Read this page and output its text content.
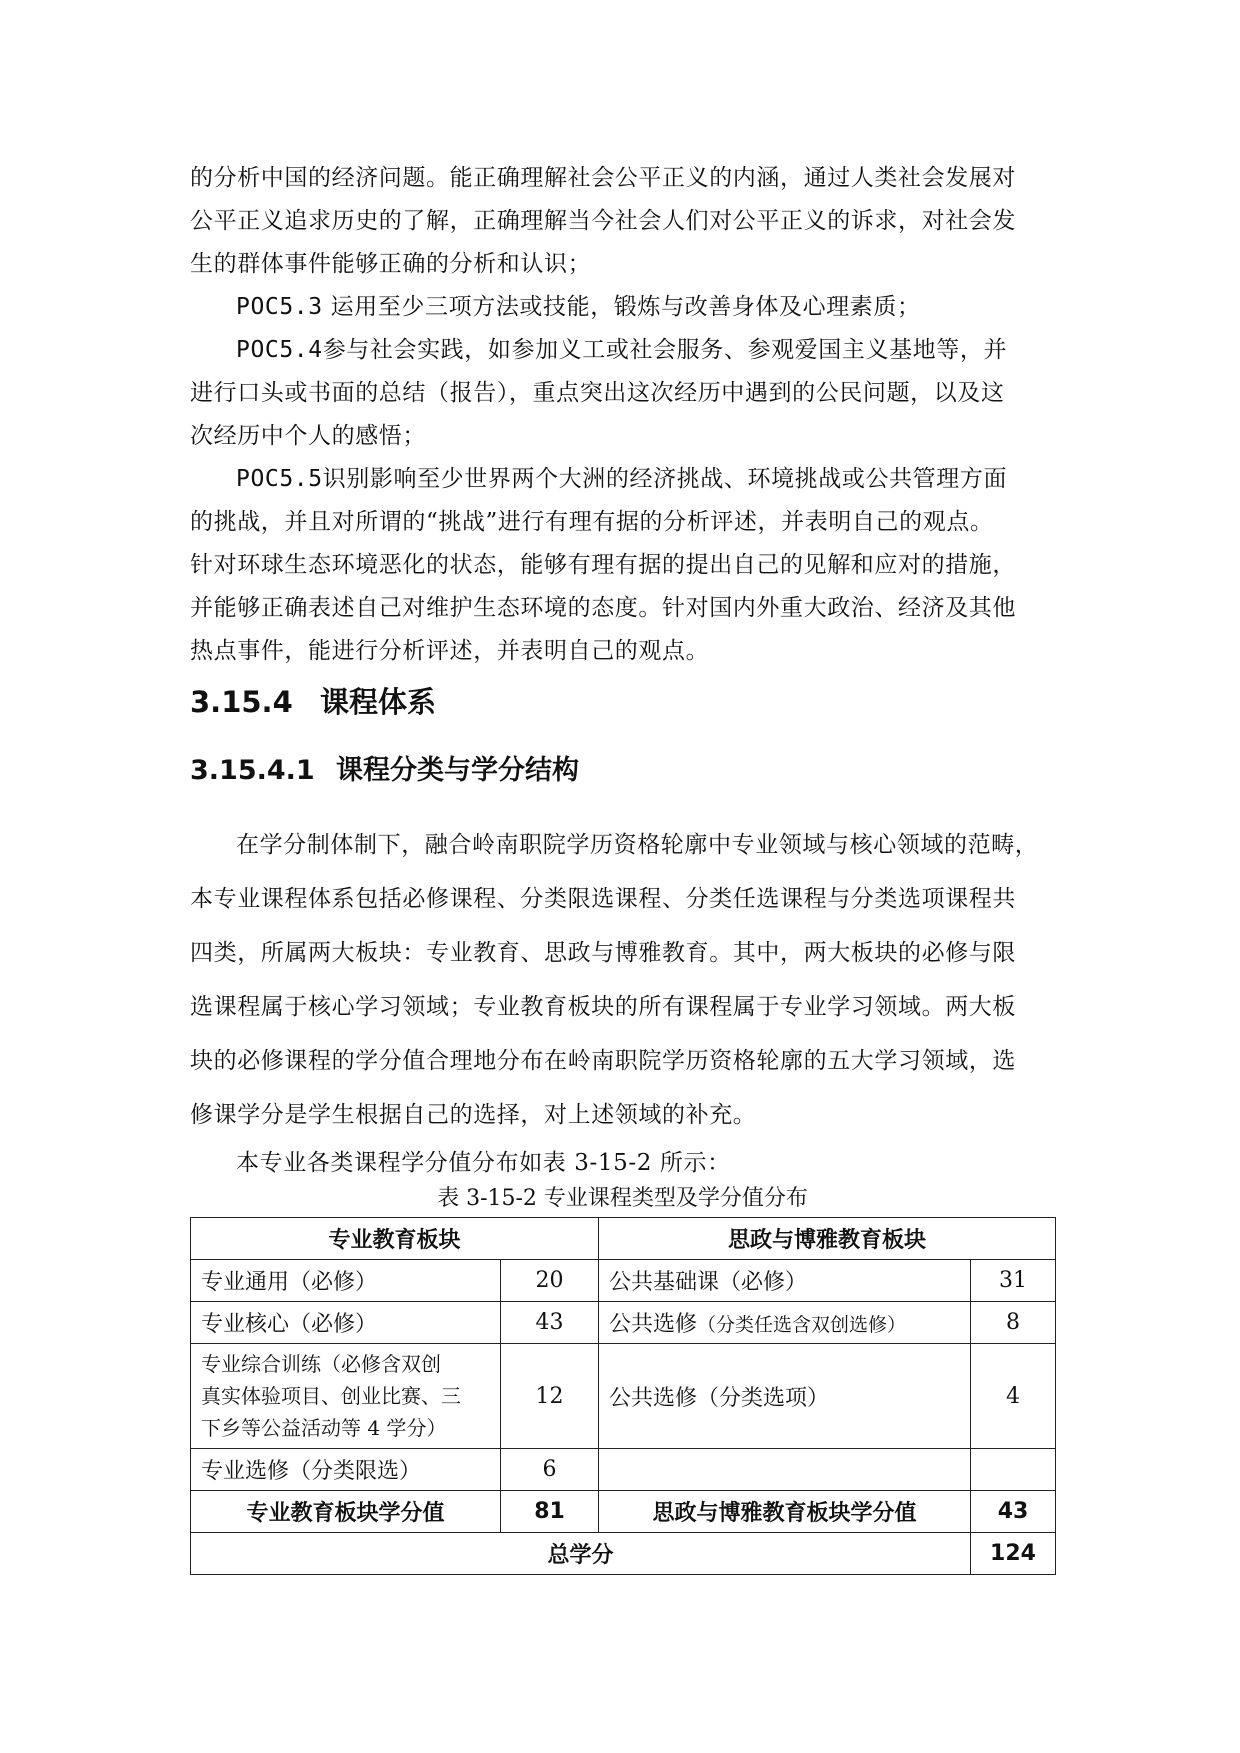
的分析中国的经济问题。能正确理解社会公平正义的内涵，通过人类社会发展对
公平正义追求历史的了解，正确理解当今社会人们对公平正义的诉求，对社会发
生的群体事件能够正确的分析和认识；

POC5.3 运用至少三项方法或技能，锻炼与改善身体及心理素质；

POC5.4参与社会实践，如参加义工或社会服务、参观爱国主义基地等，并
进行口头或书面的总结（报告），重点突出这次经历中遇到的公民问题，以及这
次经历中个人的感悟；

POC5.5识别影响至少世界两个大洲的经济挑战、环境挑战或公共管理方面
的挑战，并且对所谓的“挑战”进行有理有据的分析评述，并表明自己的观点。
针对环球生态环境恶化的状态，能够有理有据的提出自己的见解和应对的措施，
并能够正确表述自己对维护生态环境的态度。针对国内外重大政治、经济及其他
热点事件，能进行分析评述，并表明自己的观点。

3.15.4 课程体系
3.15.4.1 课程分类与学分结构

在学分制体制下，融合岭南职院学历资格轮廓中专业领域与核心领域的范畴，
本专业课程体系包括必修课程、分类限选课程、分类任选课程与分类选项课程共
四类，所属两大板块：专业教育、思政与博雅教育。其中，两大板块的必修与限
选课程属于核心学习领域；专业教育板块的所有课程属于专业学习领域。两大板
块的必修课程的学分值合理地分布在岭南职院学历资格轮廓的五大学习领域，选
修课学分是学生根据自己的选择，对上述领域的补充。

本专业各类课程学分值分布如表 3-15-2 所示：

表 3-15-2 专业课程类型及学分值分布

专业教育板块		思政与博雅教育板块	
专业通用（必修）	20	公共基础课（必修）	31
专业核心（必修）	43	公共选修（分类任选含双创选修）	8

专业综合训练（必修含双创
真实体验项目、创业比赛、三
下乡等公益活动等 4 学分）	12	公共选修（分类选项）	4
专业选修（分类限选）	6		
专业教育板块学分值	81	思政与博雅教育板块学分值	43
总学分			124
